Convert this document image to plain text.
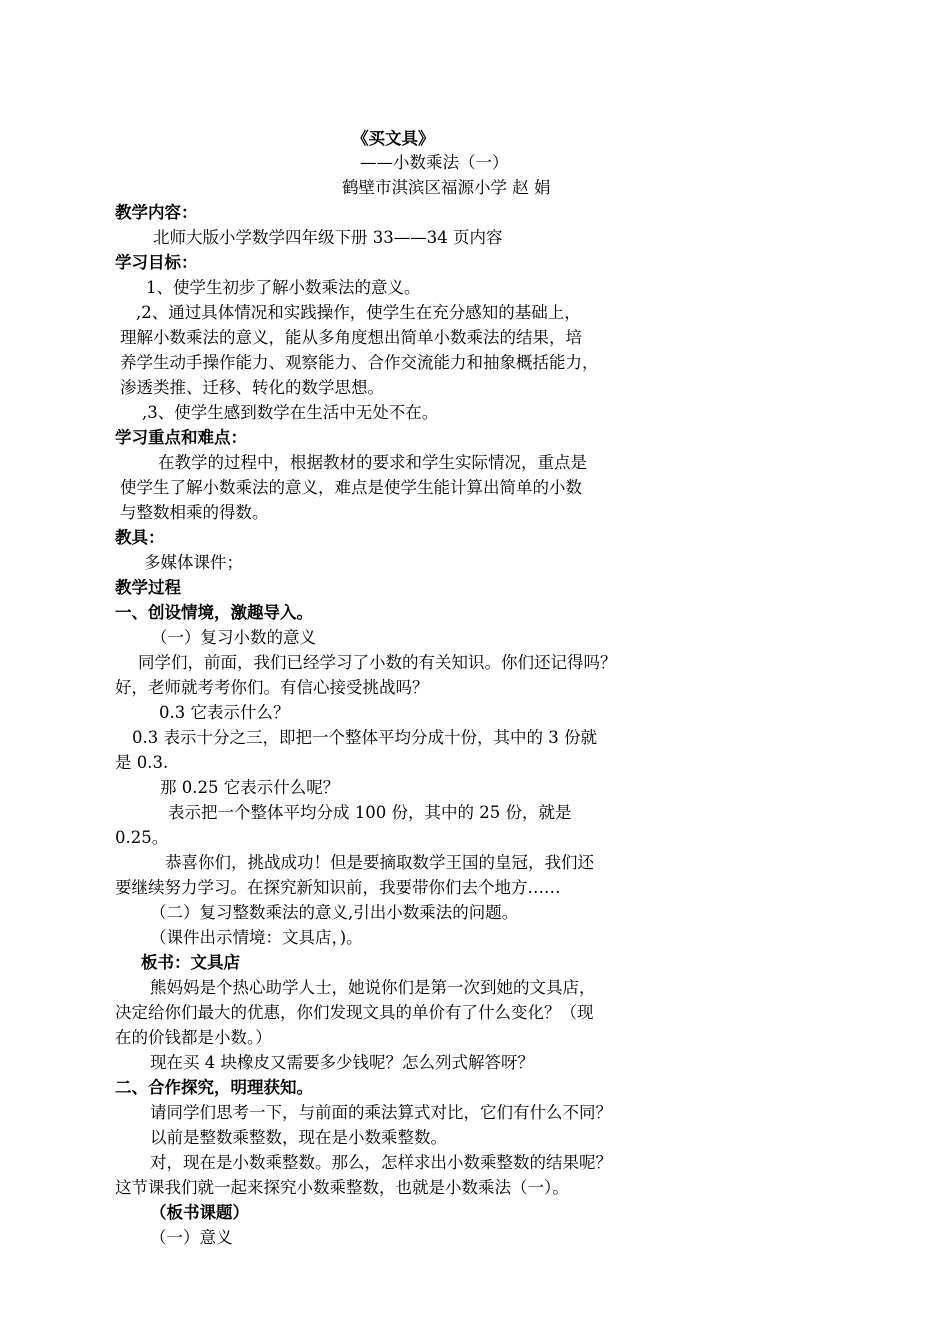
《买文具》
——小数乘法（一）
鹤壁市淇滨区福源小学 赵 娟
教学内容：
北师大版小学数学四年级下册 33——34 页内容
学习目标：
1、使学生初步了解小数乘法的意义。
,2、通过具体情况和实践操作，使学生在充分感知的基础上，
理解小数乘法的意义，能从多角度想出简单小数乘法的结果，培
养学生动手操作能力、观察能力、合作交流能力和抽象概括能力，
渗透类推、迁移、转化的数学思想。
,3、使学生感到数学在生活中无处不在。
学习重点和难点：
在教学的过程中，根据教材的要求和学生实际情况，重点是
使学生了解小数乘法的意义，难点是使学生能计算出简单的小数
与整数相乘的得数。
教具：
多媒体课件；
教学过程
一、创设情境，激趣导入。
（一）复习小数的意义
同学们，前面，我们已经学习了小数的有关知识。你们还记得吗？
好，老师就考考你们。有信心接受挑战吗？
0.3 它表示什么？
0.3 表示十分之三，即把一个整体平均分成十份，其中的 3 份就
是 0.3.
那 0.25 它表示什么呢？
表示把一个整体平均分成 100 份，其中的 25 份，就是
0.25。
恭喜你们，挑战成功！但是要摘取数学王国的皇冠，我们还
要继续努力学习。在探究新知识前，我要带你们去个地方……
（二）复习整数乘法的意义,引出小数乘法的问题。
（课件出示情境：文具店，)。
板书：文具店
熊妈妈是个热心助学人士，她说你们是第一次到她的文具店，
决定给你们最大的优惠，你们发现文具的单价有了什么变化？（现
在的价钱都是小数。）
现在买 4 块橡皮又需要多少钱呢？怎么列式解答呀？
二、合作探究，明理获知。
请同学们思考一下，与前面的乘法算式对比，它们有什么不同？
以前是整数乘整数，现在是小数乘整数。
对，现在是小数乘整数。那么，怎样求出小数乘整数的结果呢？
这节课我们就一起来探究小数乘整数，也就是小数乘法（一）。
（板书课题）
（一）意义
